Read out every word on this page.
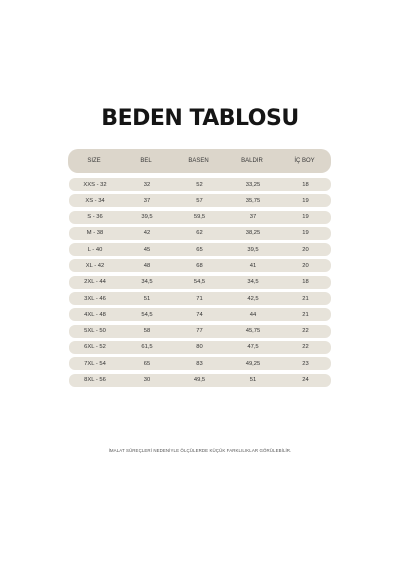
BEDEN TABLOSU
SIZE	BEL	BASEN	BALDIR	İÇ BOY
XXS - 32	32	52	33,25	18
XS - 34	37	57	35,75	19
S - 36	39,5	59,5	37	19
M - 38	42	62	38,25	19
L - 40	45	65	39,5	20
XL - 42	48	68	41	20
2XL - 44	34,5	54,5	34,5	18
3XL - 46	51	71	42,5	21
4XL - 48	54,5	74	44	21
5XL - 50	58	77	45,75	22
6XL - 52	61,5	80	47,5	22
7XL - 54	65	83	49,25	23
8XL - 56	30	49,5	51	24
İMALAT SÜREÇLERİ NEDENİYLE ÖLÇÜLERDE KÜÇÜK FARKLILIKLAR GÖRÜLEBİLİR.
